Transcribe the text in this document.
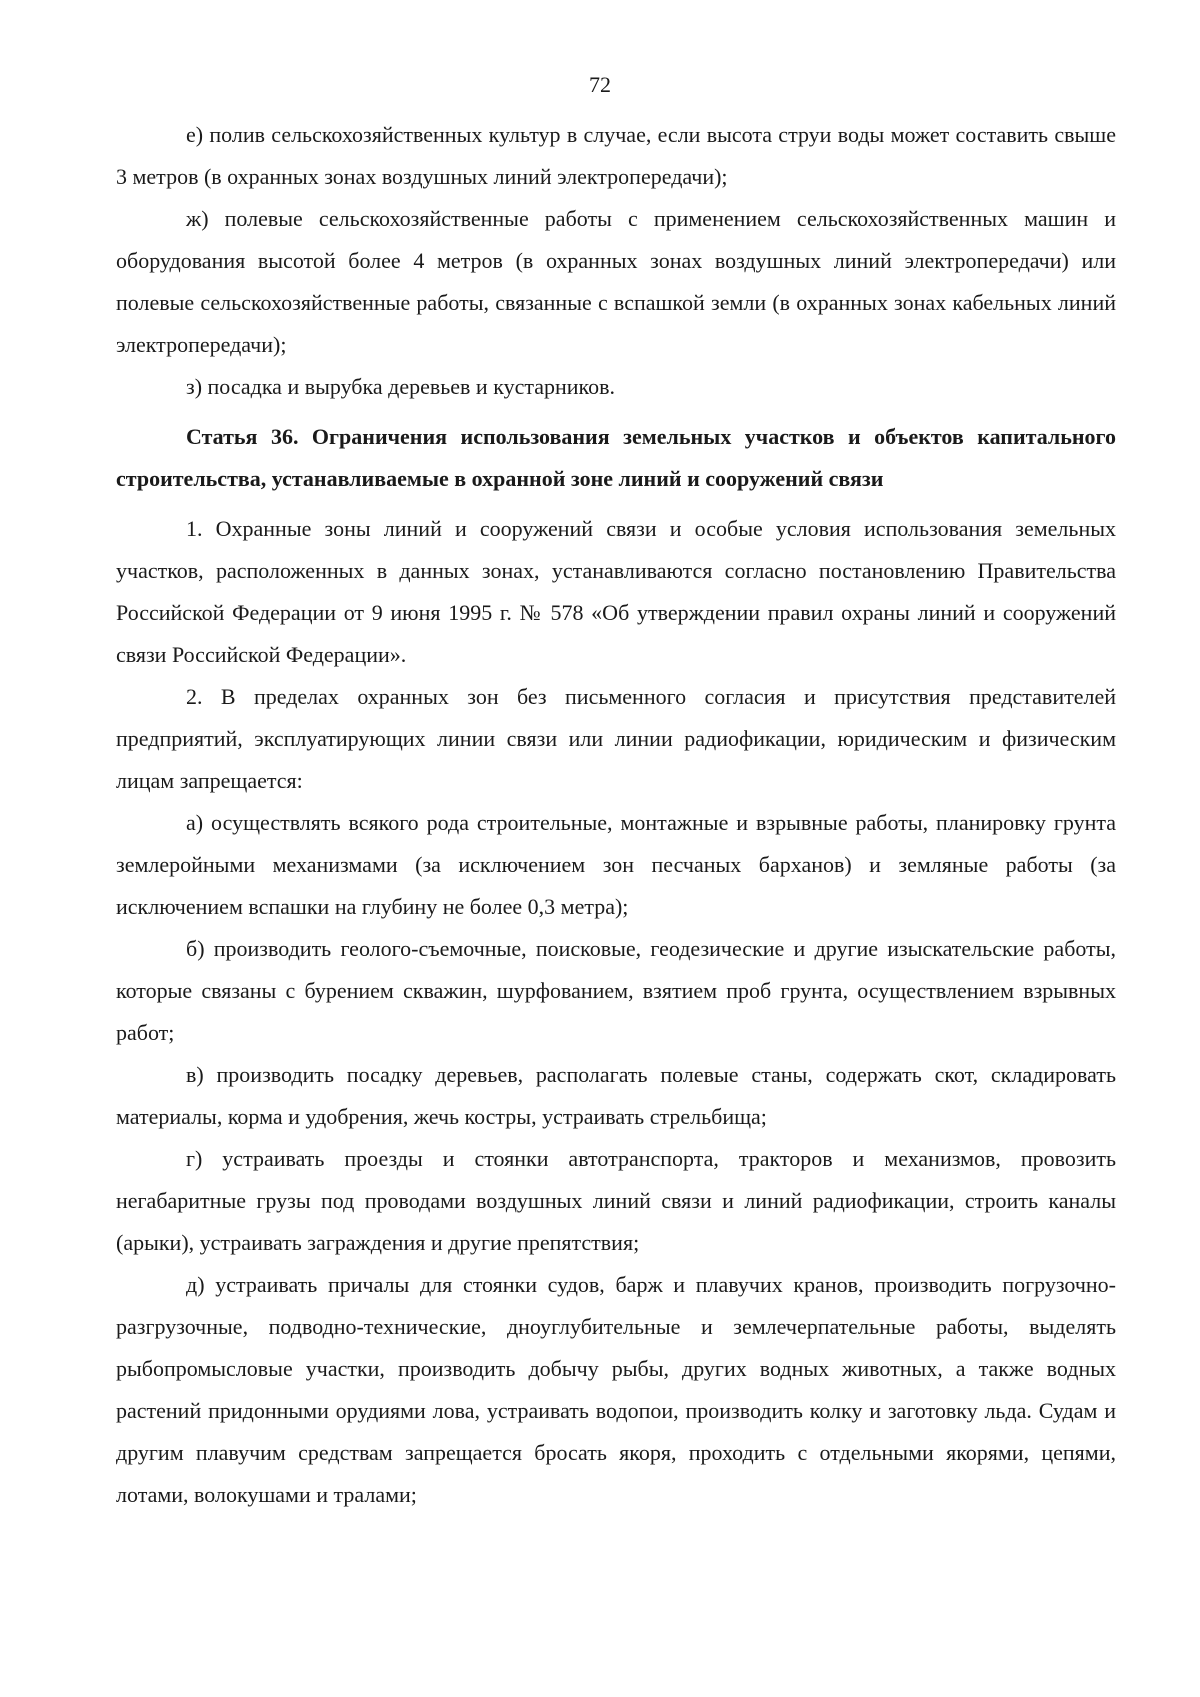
72

е) полив сельскохозяйственных культур в случае, если высота струи воды может составить свыше 3 метров (в охранных зонах воздушных линий электропередачи);

ж) полевые сельскохозяйственные работы с применением сельскохозяйственных машин и оборудования высотой более 4 метров (в охранных зонах воздушных линий электропередачи) или полевые сельскохозяйственные работы, связанные с вспашкой земли (в охранных зонах кабельных линий электропередачи);

з) посадка и вырубка деревьев и кустарников.

Статья 36. Ограничения использования земельных участков и объектов капитального строительства, устанавливаемые в охранной зоне линий и сооружений связи

1. Охранные зоны линий и сооружений связи и особые условия использования земельных участков, расположенных в данных зонах, устанавливаются согласно постановлению Правительства Российской Федерации от 9 июня 1995 г. № 578 «Об утверждении правил охраны линий и сооружений связи Российской Федерации».

2. В пределах охранных зон без письменного согласия и присутствия представителей предприятий, эксплуатирующих линии связи или линии радиофикации, юридическим и физическим лицам запрещается:

а) осуществлять всякого рода строительные, монтажные и взрывные работы, планировку грунта землеройными механизмами (за исключением зон песчаных барханов) и земляные работы (за исключением вспашки на глубину не более 0,3 метра);

б) производить геолого-съемочные, поисковые, геодезические и другие изыскательские работы, которые связаны с бурением скважин, шурфованием, взятием проб грунта, осуществлением взрывных работ;

в) производить посадку деревьев, располагать полевые станы, содержать скот, складировать материалы, корма и удобрения, жечь костры, устраивать стрельбища;

г) устраивать проезды и стоянки автотранспорта, тракторов и механизмов, провозить негабаритные грузы под проводами воздушных линий связи и линий радиофикации, строить каналы (арыки), устраивать заграждения и другие препятствия;

д) устраивать причалы для стоянки судов, барж и плавучих кранов, производить погрузочно-разгрузочные, подводно-технические, дноуглубительные и землечерпательные работы, выделять рыбопромысловые участки, производить добычу рыбы, других водных животных, а также водных растений придонными орудиями лова, устраивать водопои, производить колку и заготовку льда. Судам и другим плавучим средствам запрещается бросать якоря, проходить с отдельными якорями, цепями, лотами, волокушами и тралами;
